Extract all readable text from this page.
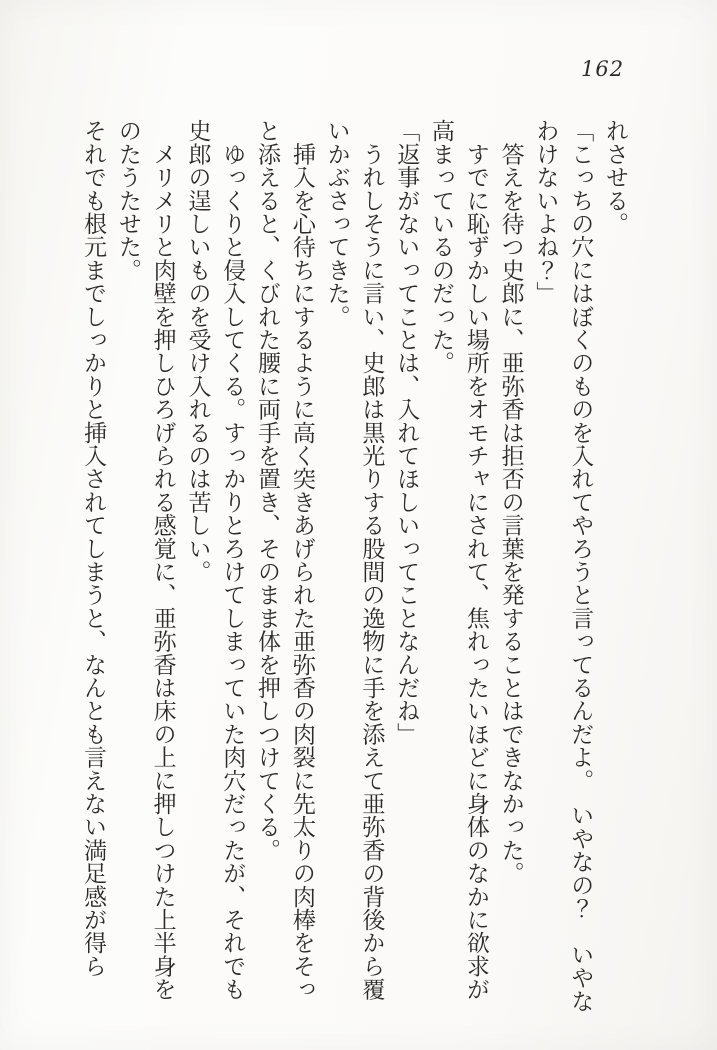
162

れさせる。

「こっちの穴にはぼくのものを入れてやろうと言ってるんだよ。　いやなの？　いやな

わけないよね？」

　答えを待つ史郎に、亜弥香は拒否の言葉を発することはできなかった。

　すでに恥ずかしい場所をオモチャにされて、焦れったいほどに身体のなかに欲求が

高まっているのだった。

「返事がないってことは、入れてほしいってことなんだね」

　うれしそうに言い、史郎は黒光りする股間の逸物に手を添えて亜弥香の背後から覆

いかぶさってきた。

　挿入を心待ちにするように高く突きあげられた亜弥香の肉裂に先太りの肉棒をそっ

と添えると、くびれた腰に両手を置き、そのまま体を押しつけてくる。

　ゆっくりと侵入してくる。すっかりとろけてしまっていた肉穴だったが、それでも

史郎の逞しいものを受け入れるのは苦しい。

　メリメリと肉壁を押しひろげられる感覚に、亜弥香は床の上に押しつけた上半身を

のたうたせた。

それでも根元までしっかりと挿入されてしまうと、なんとも言えない満足感が得ら
